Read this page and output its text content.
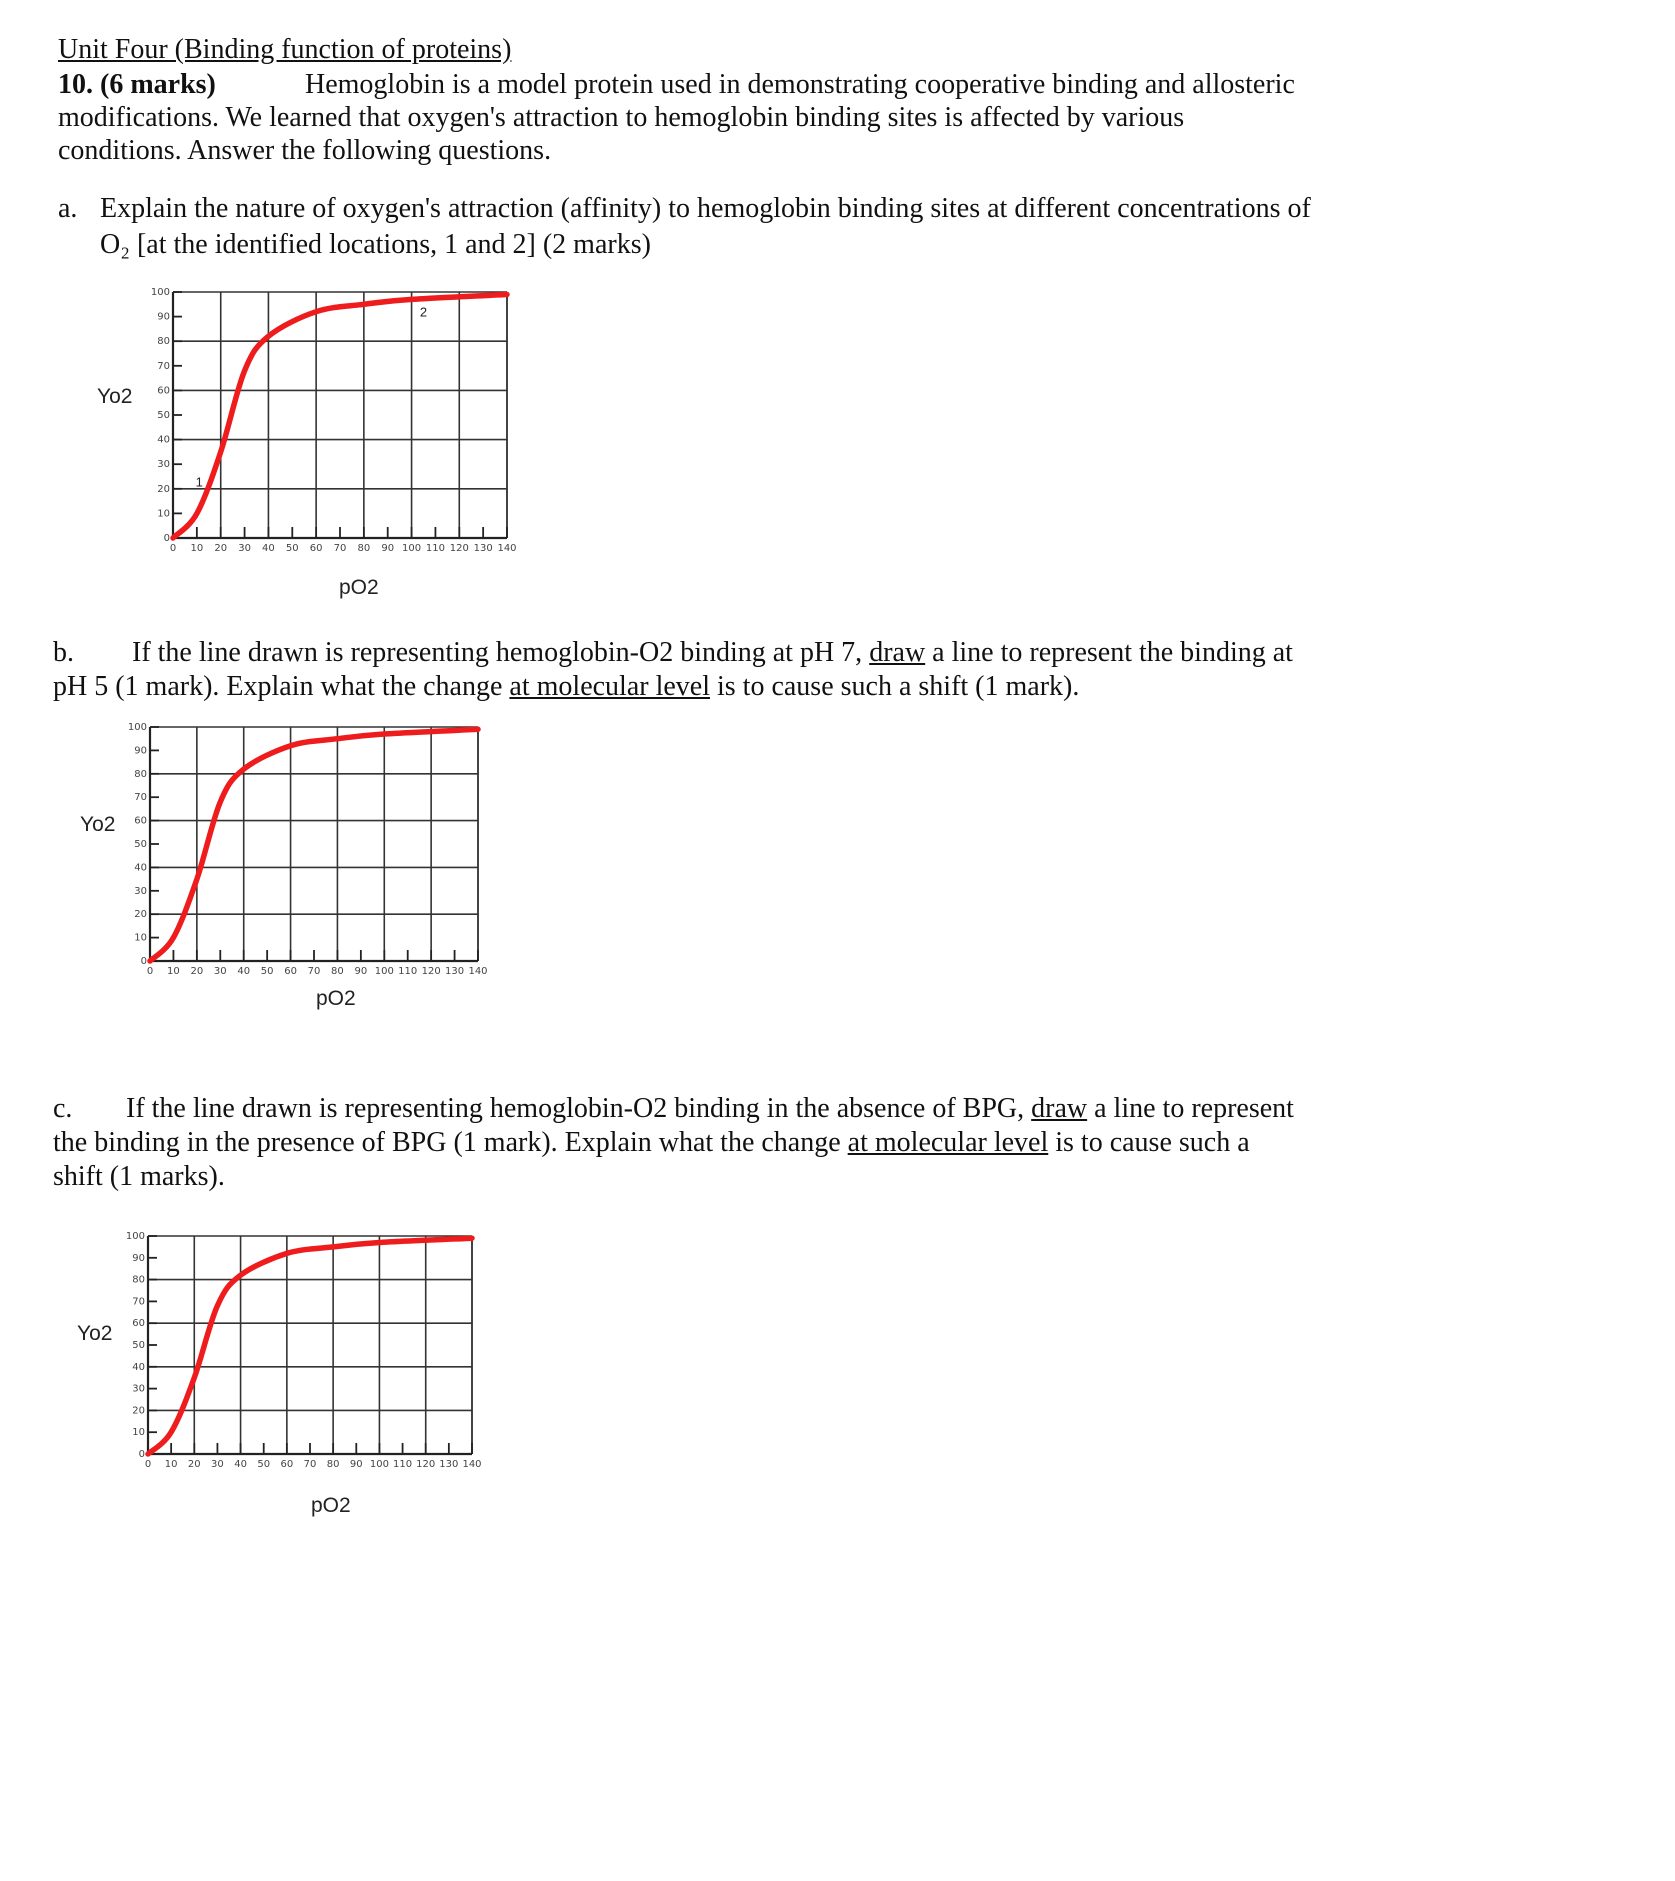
Unit Four (Binding function of proteins)
10. (6 marks)	Hemoglobin is a model protein used in demonstrating cooperative binding and allosteric
modifications. We learned that oxygen's attraction to hemoglobin binding sites is affected by various
conditions. Answer the following questions.
a. Explain the nature of oxygen's attraction (affinity) to hemoglobin binding sites at different concentrations of
O₂ [at the identified locations, 1 and 2] (2 marks)
Yo2
0
10
20
30
40
50
60
70
80
90
100
0 10 20 30 40 50 60 70 80 90 100 110 120 130 140
1
2
pO2
b. If the line drawn is representing hemoglobin-O2 binding at pH 7, draw a line to represent the binding at
pH 5 (1 mark). Explain what the change at molecular level is to cause such a shift (1 mark).
Yo2
0
10
20
30
40
50
60
70
80
90
100
0 10 20 30 40 50 60 70 80 90 100 110 120 130 140
pO2
c. If the line drawn is representing hemoglobin-O2 binding in the absence of BPG, draw a line to represent
the binding in the presence of BPG (1 mark). Explain what the change at molecular level is to cause such a
shift (1 marks).
Yo2
0
10
20
30
40
50
60
70
80
90
100
0 10 20 30 40 50 60 70 80 90 100 110 120 130 140
pO2
